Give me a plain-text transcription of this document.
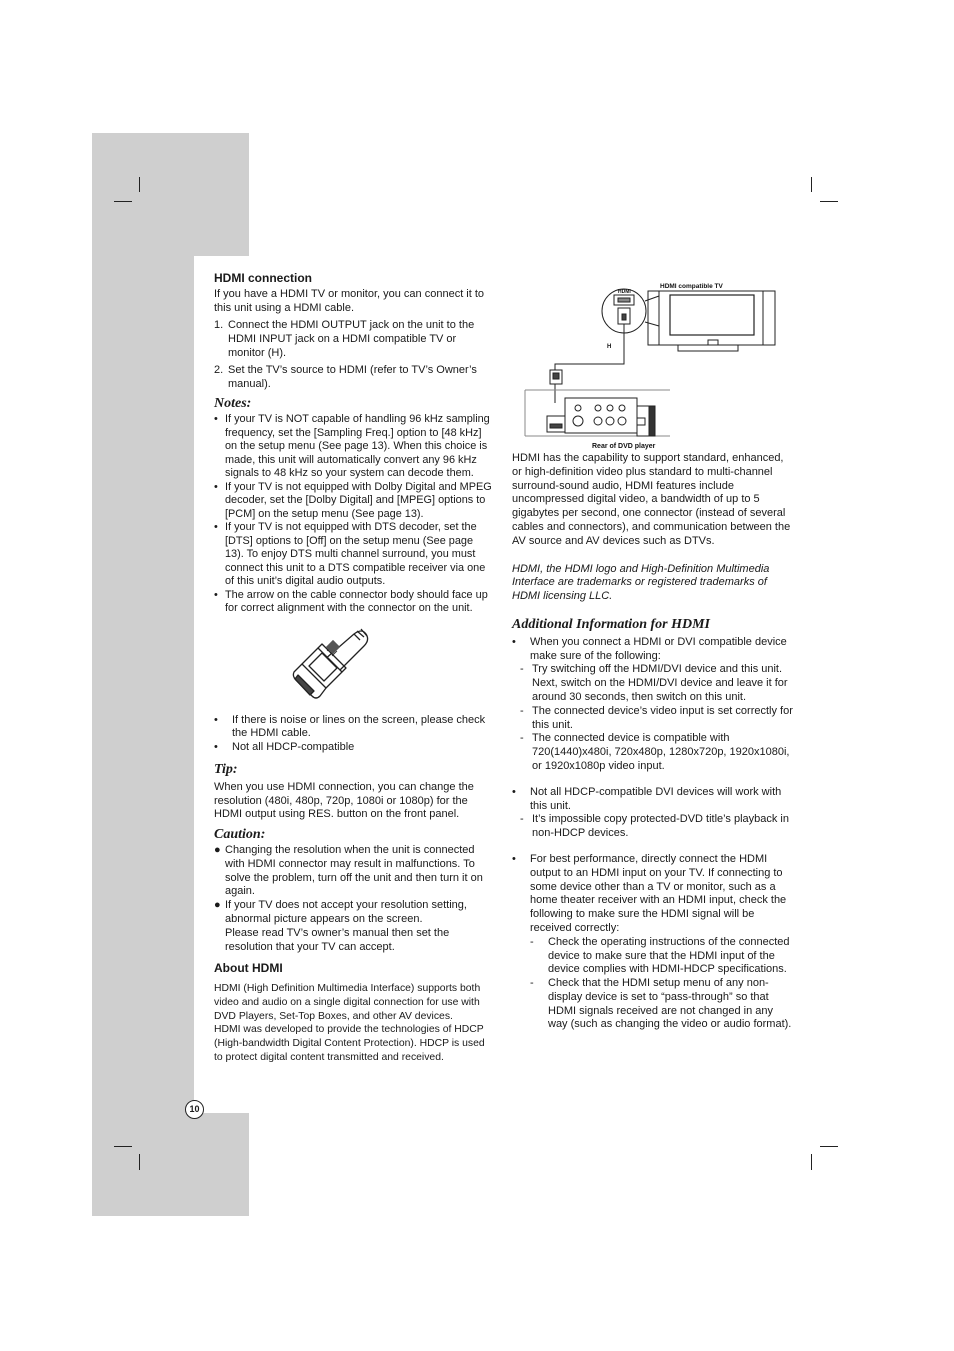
10
HDMI connection

If you have a HDMI TV or monitor, you can connect it to this unit using a HDMI cable.

1. Connect the HDMI OUTPUT jack on the unit to the HDMI INPUT jack on a HDMI compatible TV or monitor (H).
2. Set the TV’s source to HDMI (refer to TV’s Owner’s manual).
Notes:
• If your TV is NOT capable of handling 96 kHz sampling frequency, set the [Sampling Freq.] option to [48 kHz] on the setup menu (See page 13). When this choice is made, this unit will automatically convert any 96 kHz signals to 48 kHz so your system can decode them.
• If your TV is not equipped with Dolby Digital and MPEG decoder, set the [Dolby Digital] and [MPEG] options to [PCM] on the setup menu (See page 13).
• If your TV is not equipped with DTS decoder, set the [DTS] options to [Off] on the setup menu (See page 13). To enjoy DTS multi channel surround, you must connect this unit to a DTS compatible receiver via one of this unit’s digital audio outputs.
• The arrow on the cable connector body should face up for correct alignment with the connector on the unit.
• If there is noise or lines on the screen, please check the HDMI cable.
• Not all HDCP-compatible
Tip:

When you use HDMI connection, you can change the resolution (480i, 480p, 720p, 1080i or 1080p) for the HDMI output using RES. button on the front panel.

Caution:
● Changing the resolution when the unit is connected with HDMI connector may result in malfunctions. To solve the problem, turn off the unit and then turn it on again.
● If your TV does not accept your resolution setting, abnormal picture appears on the screen.

Please read TV’s owner’s manual then set the resolution that your TV can accept.

About HDMI

HDMI (High Definition Multimedia Interface) supports both video and audio on a single digital connection for use with DVD Players, Set-Top Boxes, and other AV devices.

HDMI was developed to provide the technologies of HDCP (High-bandwidth Digital Content Protection). HDCP is used to protect digital content transmitted and received.

HDMI compatible TV
HDMI
H
Rear of DVD player

HDMI has the capability to support standard, enhanced, or high-definition video plus standard to multi-channel surround-sound audio, HDMI features include uncompressed digital video, a bandwidth of up to 5 gigabytes per second, one connector (instead of several cables and connectors), and communication between the AV source and AV devices such as DTVs.

HDMI, the HDMI logo and High-Definition Multimedia Interface are trademarks or registered trademarks of HDMI licensing LLC.

Additional Information for HDMI
• When you connect a HDMI or DVI compatible device make sure of the following:
- Try switching off the HDMI/DVI device and this unit. Next, switch on the HDMI/DVI device and leave it for around 30 seconds, then switch on this unit.
- The connected device’s video input is set correctly for this unit.
- The connected device is compatible with 720(1440)x480i, 720x480p, 1280x720p, 1920x1080i, or 1920x1080p video input.
• Not all HDCP-compatible DVI devices will work with this unit.
- It’s impossible copy protected-DVD title’s playback in non-HDCP devices.
• For best performance, directly connect the HDMI output to an HDMI input on your TV. If connecting to some device other than a TV or monitor, such as a home theater receiver with an HDMI input, check the following to make sure the HDMI signal will be received correctly:
- Check the operating instructions of the connected device to make sure that the HDMI input of the device complies with HDMI-HDCP specifications.
- Check that the HDMI setup menu of any non-display device is set to “pass-through” so that HDMI signals received are not changed in any way (such as changing the video or audio format).
